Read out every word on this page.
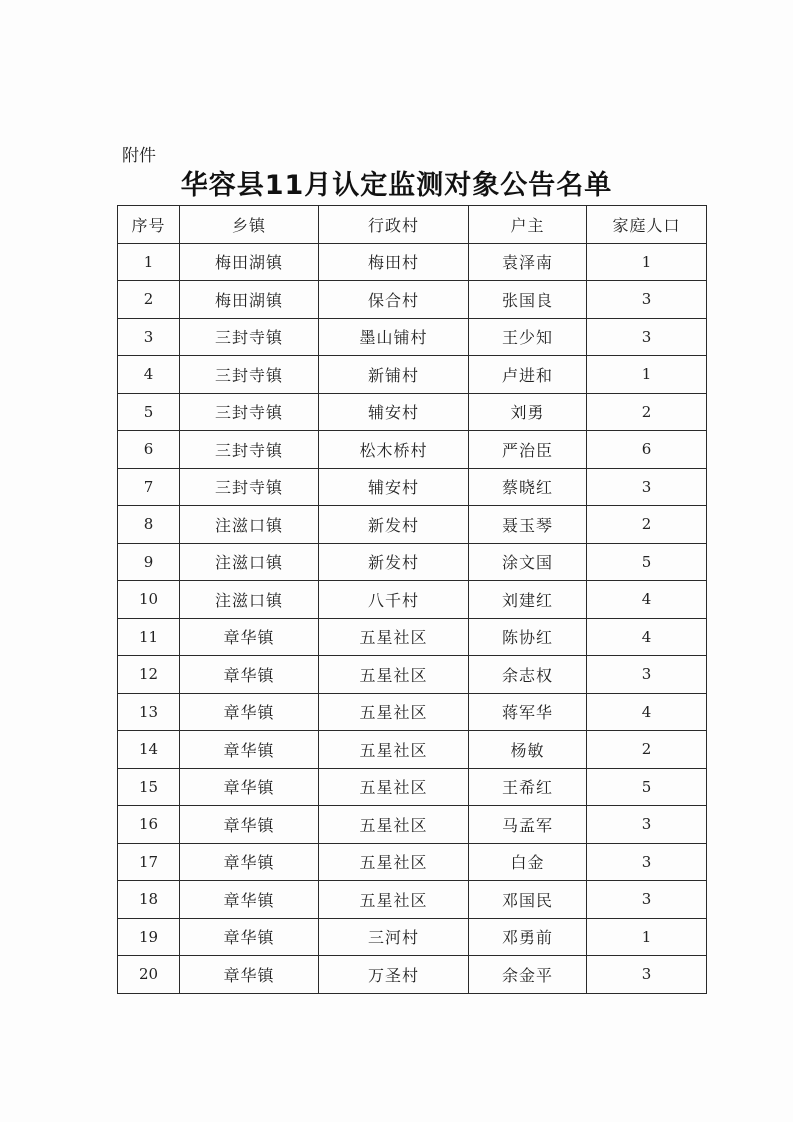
附件
华容县11月认定监测对象公告名单
序号	乡镇	行政村	户主	家庭人口
1	梅田湖镇	梅田村	袁泽南	1
2	梅田湖镇	保合村	张国良	3
3	三封寺镇	墨山铺村	王少知	3
4	三封寺镇	新铺村	卢进和	1
5	三封寺镇	辅安村	刘勇	2
6	三封寺镇	松木桥村	严治臣	6
7	三封寺镇	辅安村	蔡晓红	3
8	注滋口镇	新发村	聂玉琴	2
9	注滋口镇	新发村	涂文国	5
10	注滋口镇	八千村	刘建红	4
11	章华镇	五星社区	陈协红	4
12	章华镇	五星社区	余志权	3
13	章华镇	五星社区	蒋军华	4
14	章华镇	五星社区	杨敏	2
15	章华镇	五星社区	王希红	5
16	章华镇	五星社区	马孟军	3
17	章华镇	五星社区	白金	3
18	章华镇	五星社区	邓国民	3
19	章华镇	三河村	邓勇前	1
20	章华镇	万圣村	余金平	3
